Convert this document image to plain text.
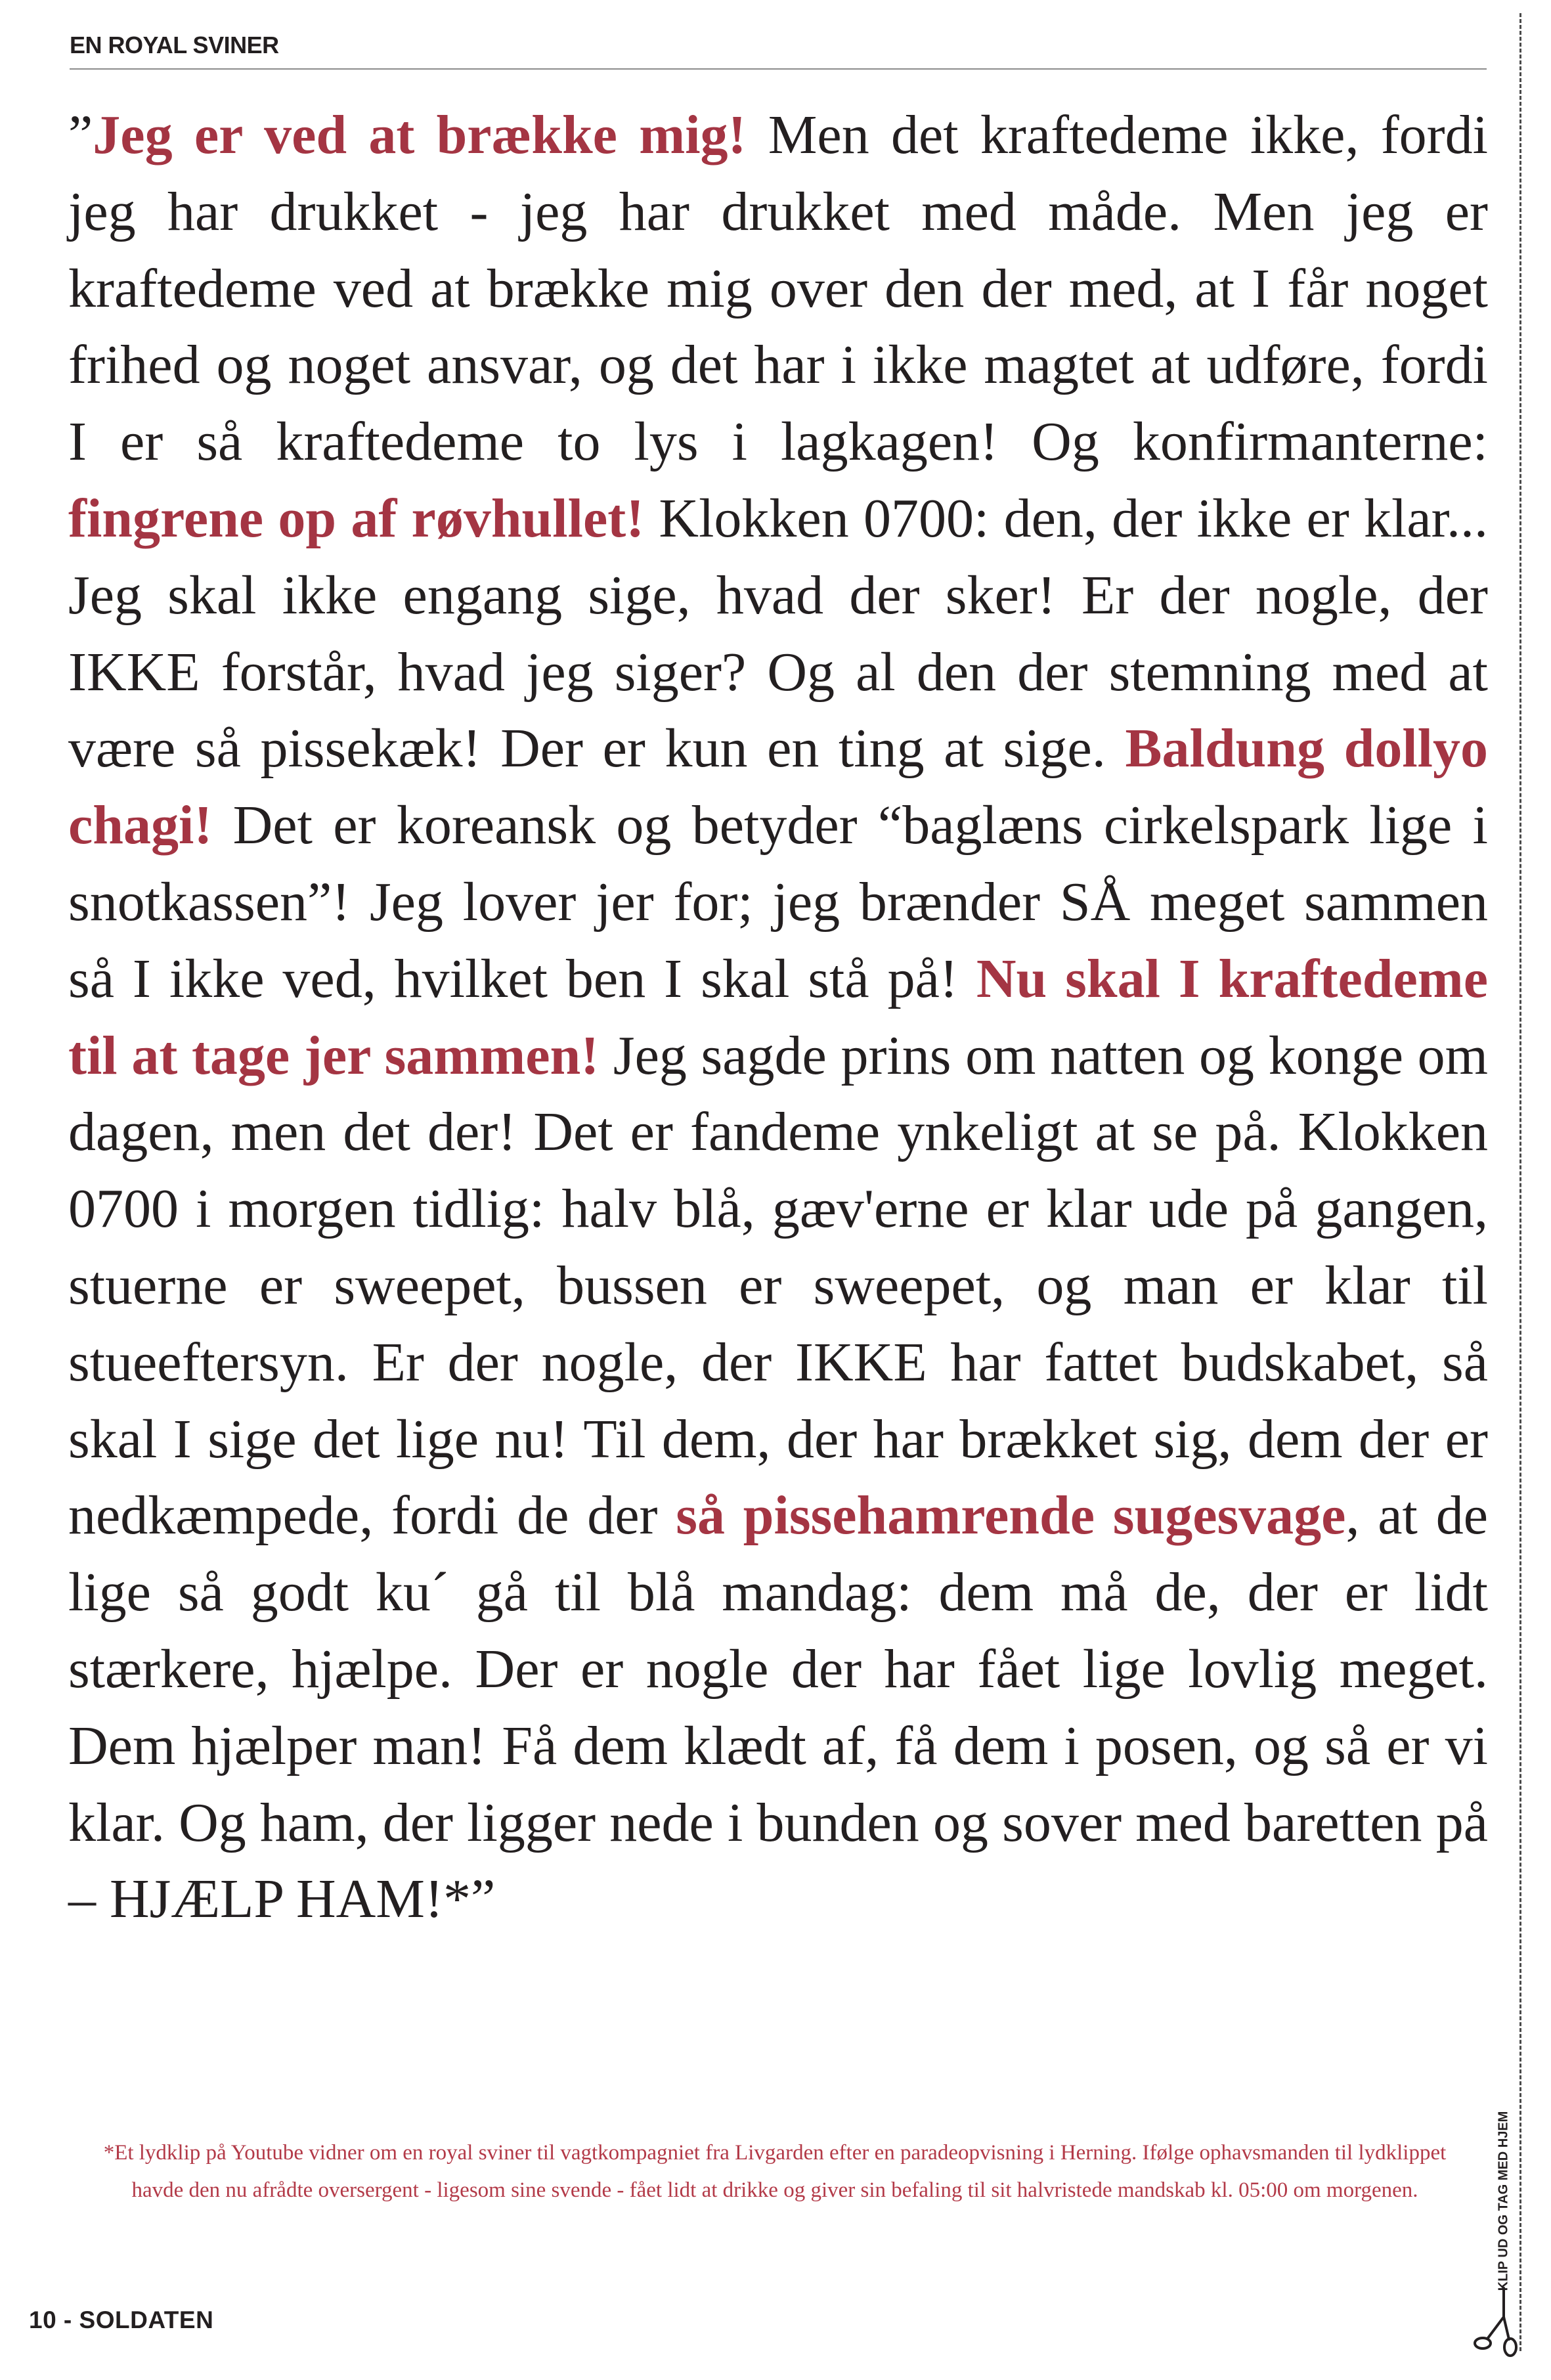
EN ROYAL SVINER

”Jeg er ved at brække mig! Men det kraftedeme ikke, fordi jeg har drukket - jeg har drukket med måde. Men jeg er kraftedeme ved at brække mig over den der med, at I får noget frihed og noget ansvar, og det har i ikke magtet at udføre, fordi I er så kraftedeme to lys i lagkagen! Og konfirmanterne: fingrene op af røvhullet! Klokken 0700: den, der ikke er klar... Jeg skal ikke engang sige, hvad der sker! Er der nogle, der IKKE forstår, hvad jeg siger? Og al den der stemning med at være så pissekæk! Der er kun en ting at sige. Baldung dollyo chagi! Det er koreansk og betyder “baglæns cirkelspark lige i snotkassen”! Jeg lover jer for; jeg brænder SÅ meget sammen så I ikke ved, hvilket ben I skal stå på! Nu skal I kraftedeme til at tage jer sammen! Jeg sagde prins om natten og konge om dagen, men det der! Det er fandeme ynkeligt at se på. Klokken 0700 i morgen tidlig: halv blå, gæv'erne er klar ude på gangen, stuerne er sweepet, bussen er sweepet, og man er klar til stueeftersyn. Er der nogle, der IKKE har fattet budskabet, så skal I sige det lige nu! Til dem, der har brækket sig, dem der er nedkæmpede, fordi de der så pissehamrende sugesvage, at de lige så godt ku´ gå til blå mandag: dem må de, der er lidt stærkere, hjælpe. Der er nogle der har fået lige lovlig meget. Dem hjælper man! Få dem klædt af, få dem i posen, og så er vi klar. Og ham, der ligger nede i bunden og sover med baretten på – HJÆLP HAM!*”

*Et lydklip på Youtube vidner om en royal sviner til vagtkompagniet fra Livgarden efter en paradeopvisning i Herning. Ifølge ophavsmanden til lydklippet havde den nu afrådte oversergent - ligesom sine svende - fået lidt at drikke og giver sin befaling til sit halvristede mandskab kl. 05:00 om morgenen.

10 - SOLDATEN
KLIP UD OG TAG MED HJEM
